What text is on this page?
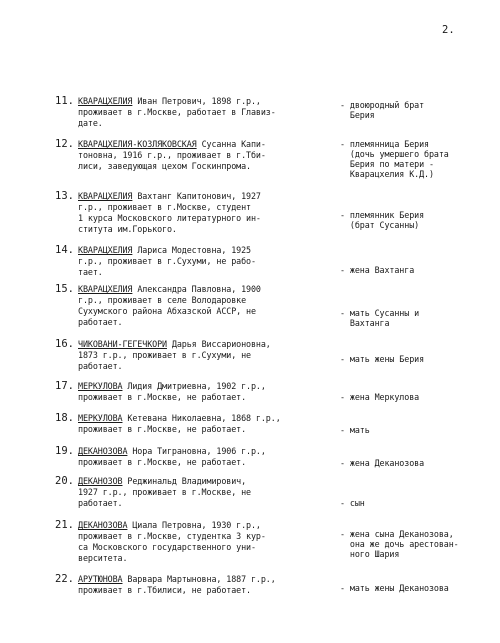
2.
11. КВАРАЦХЕЛИЯ Иван Петрович, 1898 г.р.,
проживает в г.Москве, работает в Главиз-
дате.
- двоюродный брат
Берия
12. КВАРАЦХЕЛИЯ-КОЗЛЯКОВСКАЯ Сусанна Капи-
тоновна, 1916 г.р., проживает в г.Тби-
лиси, заведующая цехом Госкинпрома.
- племянница Берия
(дочь умершего брата
Берия по матери -
Кварацхелия К.Д.)
13. КВАРАЦХЕЛИЯ Вахтанг Капитонович, 1927
г.р., проживает в г.Москве, студент
1 курса Московского литературного ин-
ститута им.Горького.
- племянник Берия
(брат Сусанны)
14. КВАРАЦХЕЛИЯ Лариса Модестовна, 1925
г.р., проживает в г.Сухуми, не рабо-
тает.	- жена Вахтанга
15. КВАРАЦХЕЛИЯ Александра Павловна, 1900
г.р., проживает в селе Володаровке
Сухумского района Абхазской АССР, не
работает.
- мать Сусанны и
Вахтанга
16. ЧИКОВАНИ-ГЕГЕЧКОРИ Дарья Виссарионовна,
1873 г.р., проживает в г.Сухуми, не
работает.
- мать жены Берия
17. МЕРКУЛОВА Лидия Дмитриевна, 1902 г.р.,
проживает в г.Москве, не работает.	- жена Меркулова
18. МЕРКУЛОВА Кетевана Николаевна, 1868 г.р.,
проживает в г.Москве, не работает.	- мать
19. ДЕКАНОЗОВА Нора Тиграновна, 1906 г.р.,
проживает в г.Москве, не работает.	- жена Деканозова
20. ДЕКАНОЗОВ Реджинальд Владимирович,
1927 г.р., проживает в г.Москве, не
работает.	- сын
21. ДЕКАНОЗОВА Циала Петровна, 1930 г.р.,
проживает в г.Москве, студентка 3 кур-
са Московского государственного уни-
верситета.
- жена сына Деканозова,
она же дочь арестован-
ного Шария
22. АРУТЮНОВА Варвара Мартыновна, 1887 г.р.,
проживает в г.Тбилиси, не работает.	- мать жены Деканозова
